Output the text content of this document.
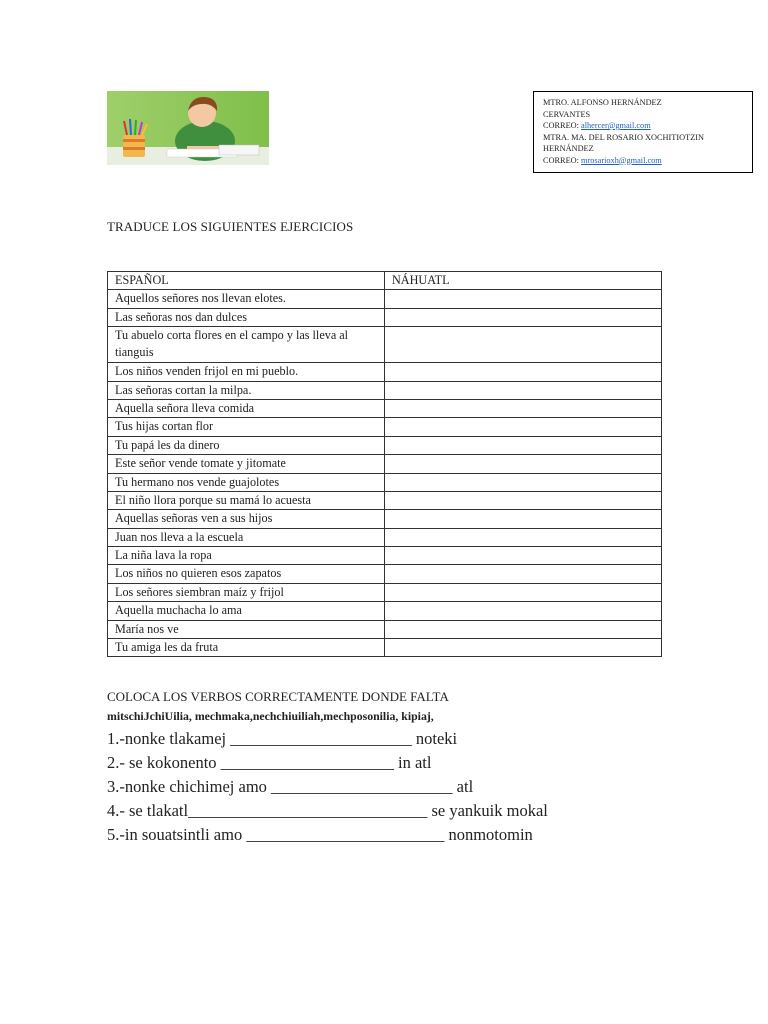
MTRO. ALFONSO HERNÁNDEZ
CERVANTES
CORREO: alhercer@gmail.com
MTRA. MA. DEL ROSARIO XOCHITIOTZIN
HERNÁNDEZ
CORREO: mrosarioxh@gmail.com
TRADUCE LOS SIGUIENTES EJERCICIOS
ESPAÑOL	NÁHUATL
Aquellos señores nos llevan elotes.	
Las señoras nos dan dulces	
Tu abuelo corta flores en el campo y las lleva al tianguis	
Los niños venden frijol en mi pueblo.	
Las señoras cortan la milpa.	
Aquella señora lleva comida	
Tus hijas cortan flor	
Tu papá les da dinero	
Este señor vende tomate y jitomate	
Tu hermano nos vende guajolotes	
El niño llora porque su mamá lo acuesta	
Aquellas señoras ven a sus hijos	
Juan nos lleva a la escuela	
La niña lava la ropa	
Los niños no quieren esos zapatos	
Los señores siembran maíz y frijol	
Aquella muchacha lo ama	
María nos ve	
Tu amiga les da fruta	
COLOCA LOS VERBOS CORRECTAMENTE DONDE FALTA
mitschiJchiUilia, mechmaka,nechchiuiliah,mechposonilia, kipiaj,
1.-nonke tlakamej ______________________ noteki
2.- se kokonento _____________________ in atl
3.-nonke chichimej amo ______________________ atl
4.- se tlakatl_____________________________ se yankuik mokal
5.-in souatsintli amo ________________________ nonmotomin
